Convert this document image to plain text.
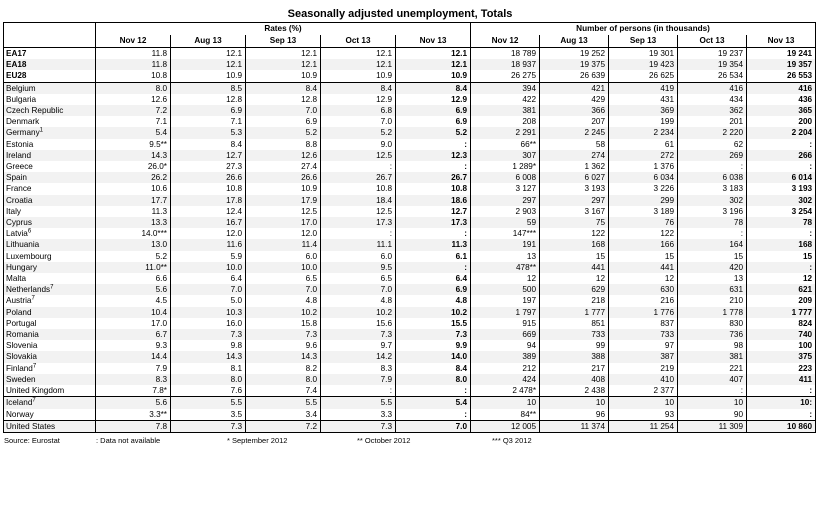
Seasonally adjusted unemployment, Totals
	Rates (%)					Number of persons (in thousands)				
	Nov 12	Aug 13	Sep 13	Oct 13	Nov 13	Nov 12	Aug 13	Sep 13	Oct 13	Nov 13
EA17	11.8	12.1	12.1	12.1	12.1	18 789	19 252	19 301	19 237	19 241
EA18	11.8	12.1	12.1	12.1	12.1	18 937	19 375	19 423	19 354	19 357
EU28	10.8	10.9	10.9	10.9	10.9	26 275	26 639	26 625	26 534	26 553
Belgium	8.0	8.5	8.4	8.4	8.4	394	421	419	416	416
Bulgaria	12.6	12.8	12.8	12.9	12.9	422	429	431	434	436
Czech Republic	7.2	6.9	7.0	6.8	6.9	381	366	369	362	365
Denmark	7.1	7.1	6.9	7.0	6.9	208	207	199	201	200
Germany$^1$	5.4	5.3	5.2	5.2	5.2	2 291	2 245	2 234	2 220	2 204
Estonia	9.5**	8.4	8.8	9.0	:	66**	58	61	62	:
Ireland	14.3	12.7	12.6	12.5	12.3	307	274	272	269	266
Greece	26.0*	27.3	27.4	:	:	1 289*	1 362	1 376	:	:
Spain	26.2	26.6	26.6	26.7	26.7	6 008	6 027	6 034	6 038	6 014
France	10.6	10.8	10.9	10.8	10.8	3 127	3 193	3 226	3 183	3 193
Croatia	17.7	17.8	17.9	18.4	18.6	297	297	299	302	302
Italy	11.3	12.4	12.5	12.5	12.7	2 903	3 167	3 189	3 196	3 254
Cyprus	13.3	16.7	17.0	17.3	17.3	59	75	76	78	78
Latvia$^6$	14.0***	12.0	12.0	:	:	147***	122	122	:	:
Lithuania	13.0	11.6	11.4	11.1	11.3	191	168	166	164	168
Luxembourg	5.2	5.9	6.0	6.0	6.1	13	15	15	15	15
Hungary	11.0**	10.0	10.0	9.5	:	478**	441	441	420	:
Malta	6.6	6.4	6.5	6.5	6.4	12	12	12	13	12
Netherlands$^7$	5.6	7.0	7.0	7.0	6.9	500	629	630	631	621
Austria$^7$	4.5	5.0	4.8	4.8	4.8	197	218	216	210	209
Poland	10.4	10.3	10.2	10.2	10.2	1 797	1 777	1 776	1 778	1 777
Portugal	17.0	16.0	15.8	15.6	15.5	915	851	837	830	824
Romania	6.7	7.3	7.3	7.3	7.3	669	733	733	736	740
Slovenia	9.3	9.8	9.6	9.7	9.9	94	99	97	98	100
Slovakia	14.4	14.3	14.3	14.2	14.0	389	388	387	381	375
Finland$^7$	7.9	8.1	8.2	8.3	8.4	212	217	219	221	223
Sweden	8.3	8.0	8.0	7.9	8.0	424	408	410	407	411
United Kingdom	7.8*	7.6	7.4	:	:	2 478*	2 438	2 377	:	:
Iceland$^7$	5.6	5.5	5.5	5.5	5.4	10	10	10	10	10:
Norway	3.3**	3.5	3.4	3.3	:	84**	96	93	90	:
United States	7.8	7.3	7.2	7.3	7.0	12 005	11 374	11 254	11 309	10 860
Source: Eurostat	: Data not available	* September 2012	** October 2012	*** Q3 2012
